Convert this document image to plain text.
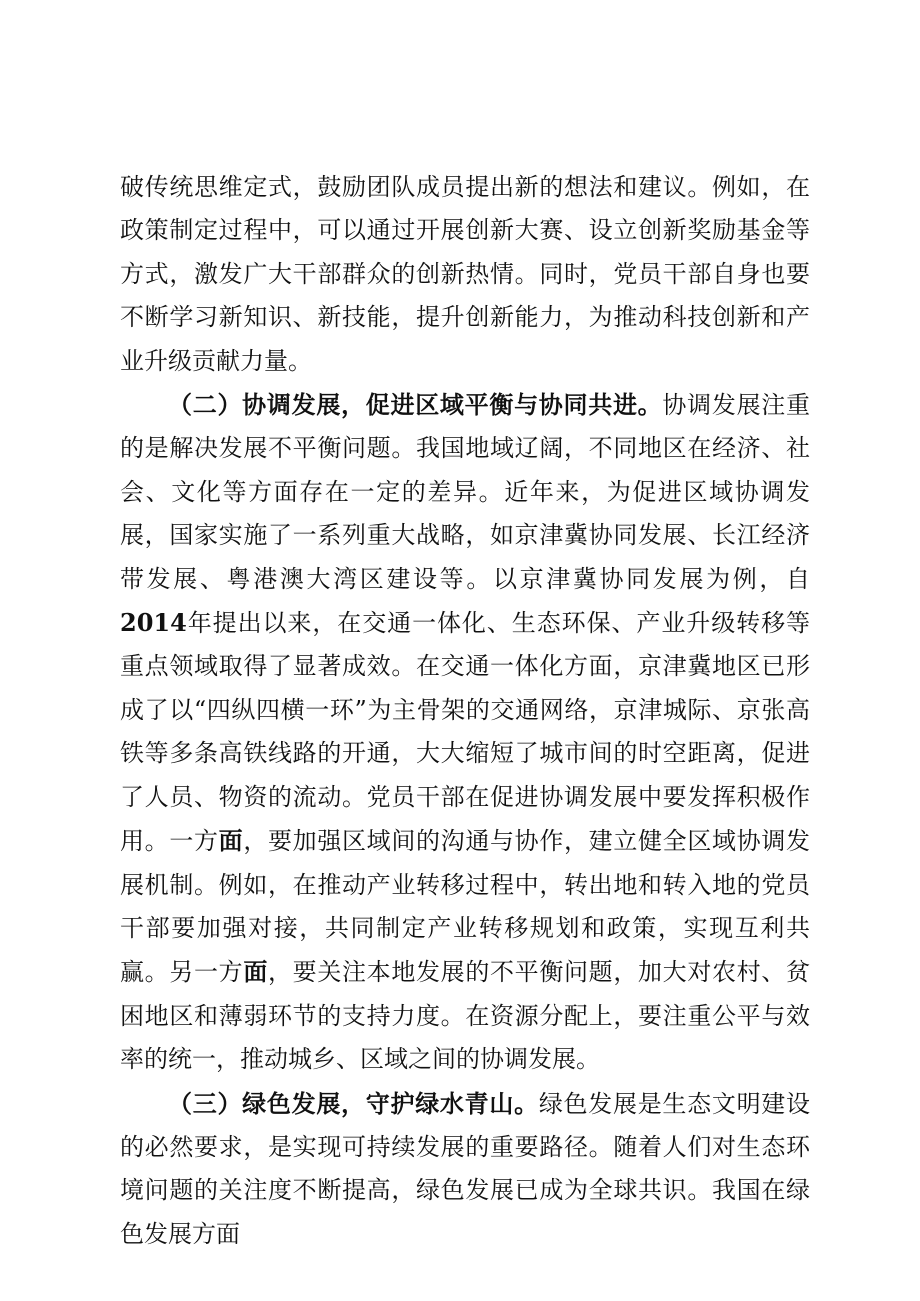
破传统思维定式，鼓励团队成员提出新的想法和建议。例如，在政策制定过程中，可以通过开展创新大赛、设立创新奖励基金等方式，激发广大干部群众的创新热情。同时，党员干部自身也要不断学习新知识、新技能，提升创新能力，为推动科技创新和产业升级贡献力量。

（二）协调发展，促进区域平衡与协同共进。协调发展注重的是解决发展不平衡问题。我国地域辽阔，不同地区在经济、社会、文化等方面存在一定的差异。近年来，为促进区域协调发展，国家实施了一系列重大战略，如京津冀协同发展、长江经济带发展、粤港澳大湾区建设等。以京津冀协同发展为例，自2014年提出以来，在交通一体化、生态环保、产业升级转移等重点领域取得了显著成效。在交通一体化方面，京津冀地区已形成了以“四纵四横一环”为主骨架的交通网络，京津城际、京张高铁等多条高铁线路的开通，大大缩短了城市间的时空距离，促进了人员、物资的流动。党员干部在促进协调发展中要发挥积极作用。一方面，要加强区域间的沟通与协作，建立健全区域协调发展机制。例如，在推动产业转移过程中，转出地和转入地的党员干部要加强对接，共同制定产业转移规划和政策，实现互利共赢。另一方面，要关注本地发展的不平衡问题，加大对农村、贫困地区和薄弱环节的支持力度。在资源分配上，要注重公平与效率的统一，推动城乡、区域之间的协调发展。

（三）绿色发展，守护绿水青山。绿色发展是生态文明建设的必然要求，是实现可持续发展的重要路径。随着人们对生态环境问题的关注度不断提高，绿色发展已成为全球共识。我国在绿色发展方面
